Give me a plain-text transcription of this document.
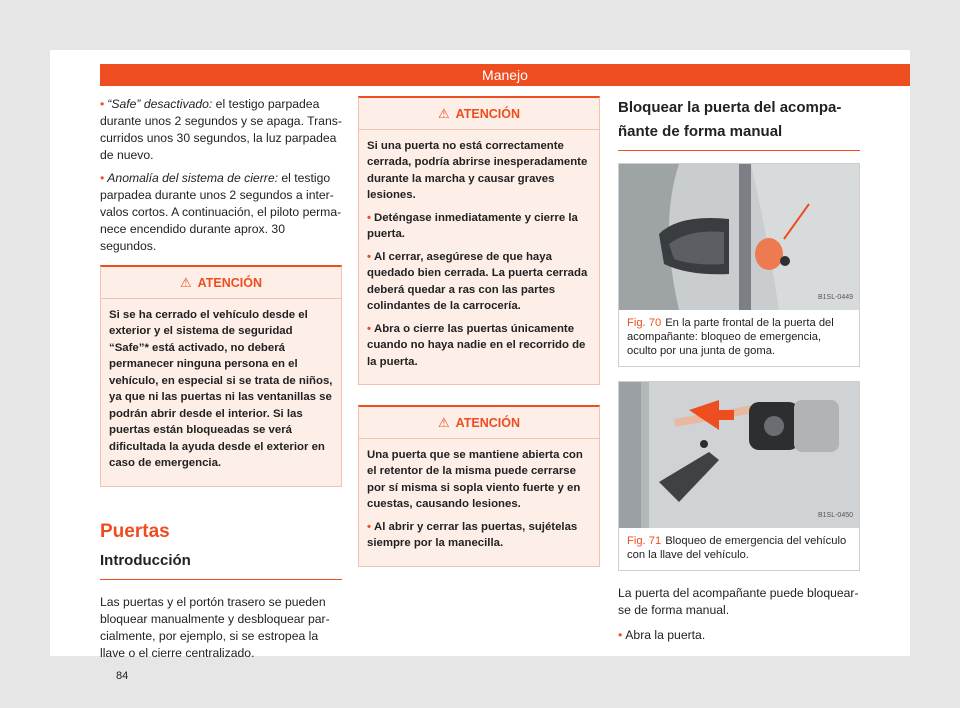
Manejo

• “Safe” desactivado: el testigo parpadea durante unos 2 segundos y se apaga. Transcurridos unos 30 segundos, la luz parpadea de nuevo.

• Anomalía del sistema de cierre: el testigo parpadea durante unos 2 segundos a intervalos cortos. A continuación, el piloto permanece encendido durante aprox. 30 segundos.

⚠ ATENCIÓN

Si se ha cerrado el vehículo desde el exterior y el sistema de seguridad “Safe”* está activado, no deberá permanecer ninguna persona en el vehículo, en especial si se trata de niños, ya que ni las puertas ni las ventanillas se podrán abrir desde el interior. Si las puertas están bloqueadas se verá dificultada la ayuda desde el exterior en caso de emergencia.

Puertas
Introducción

Las puertas y el portón trasero se pueden bloquear manualmente y desbloquear parcialmente, por ejemplo, si se estropea la llave o el cierre centralizado.

⚠ ATENCIÓN

Si una puerta no está correctamente cerrada, podría abrirse inesperadamente durante la marcha y causar graves lesiones.

• Deténgase inmediatamente y cierre la puerta.

• Al cerrar, asegúrese de que haya quedado bien cerrada. La puerta cerrada deberá quedar a ras con las partes colindantes de la carrocería.

• Abra o cierre las puertas únicamente cuando no haya nadie en el recorrido de la puerta.

⚠ ATENCIÓN

Una puerta que se mantiene abierta con el retentor de la misma puede cerrarse por sí misma si sopla viento fuerte y en cuestas, causando lesiones.

• Al abrir y cerrar las puertas, sujételas siempre por la manecilla.

Bloquear la puerta del acompañante de forma manual
B1SL-0449
Fig. 70 En la parte frontal de la puerta del acompañante: bloqueo de emergencia, oculto por una junta de goma.
B1SL-0450
Fig. 71 Bloqueo de emergencia del vehículo con la llave del vehículo.

La puerta del acompañante puede bloquearse de forma manual.

• Abra la puerta.

84
